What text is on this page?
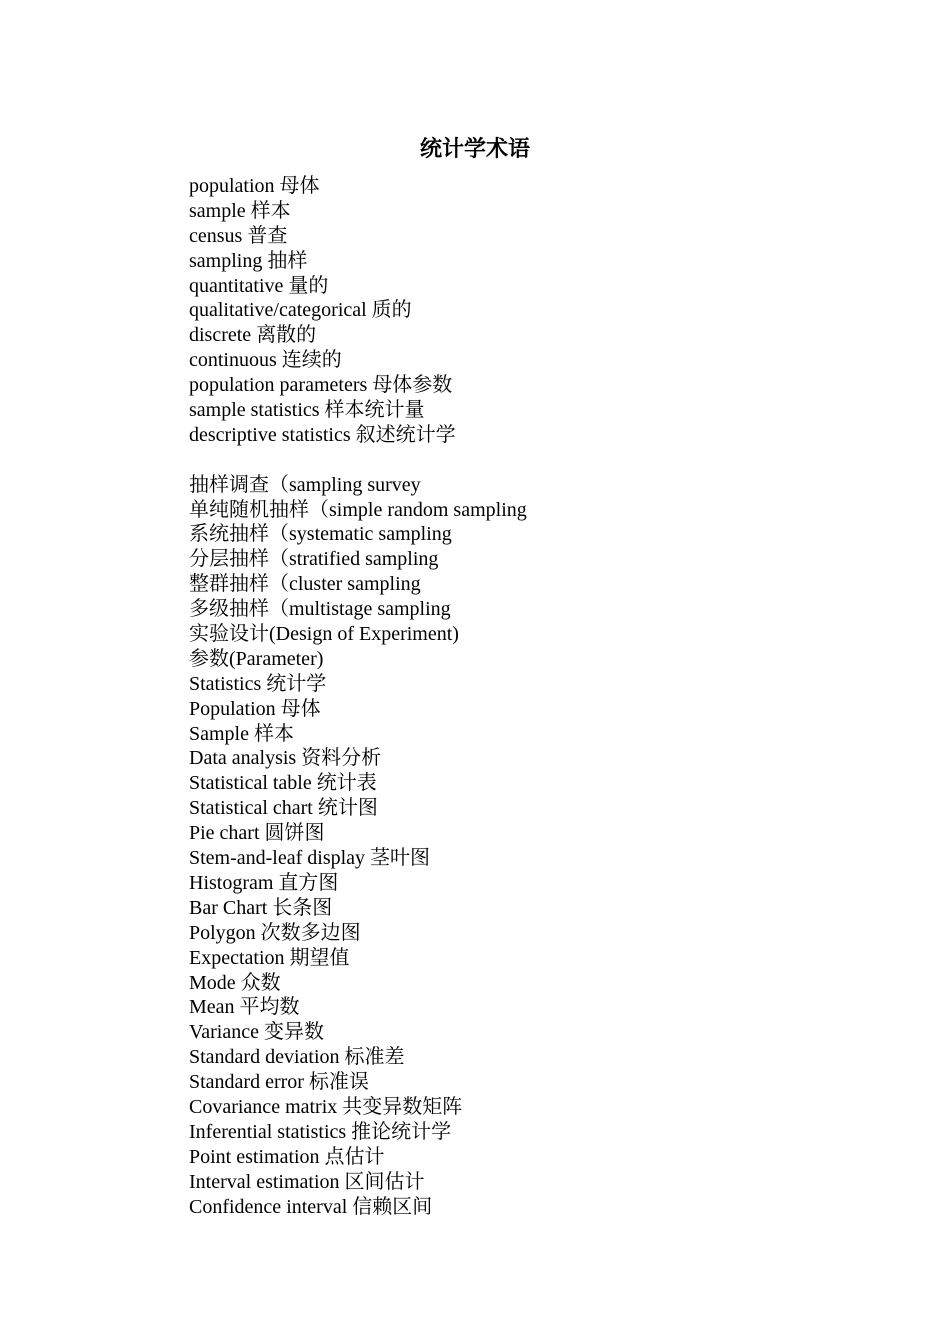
统计学术语
population 母体
sample 样本
census 普查
sampling 抽样
quantitative 量的
qualitative/categorical 质的
discrete 离散的
continuous 连续的
population parameters 母体参数
sample statistics 样本统计量
descriptive statistics 叙述统计学
抽样调查（sampling survey
单纯随机抽样（simple random sampling
系统抽样（systematic sampling
分层抽样（stratified sampling
整群抽样（cluster sampling
多级抽样（multistage sampling
实验设计(Design of Experiment)
参数(Parameter)
Statistics 统计学
Population 母体
Sample 样本
Data analysis 资料分析
Statistical table 统计表
Statistical chart 统计图
Pie chart 圆饼图
Stem-and-leaf display 茎叶图
Histogram 直方图
Bar Chart 长条图
Polygon 次数多边图
Expectation 期望值
Mode 众数
Mean 平均数
Variance 变异数
Standard deviation 标准差
Standard error 标准误
Covariance matrix 共变异数矩阵
Inferential statistics 推论统计学
Point estimation 点估计
Interval estimation 区间估计
Confidence interval 信赖区间
